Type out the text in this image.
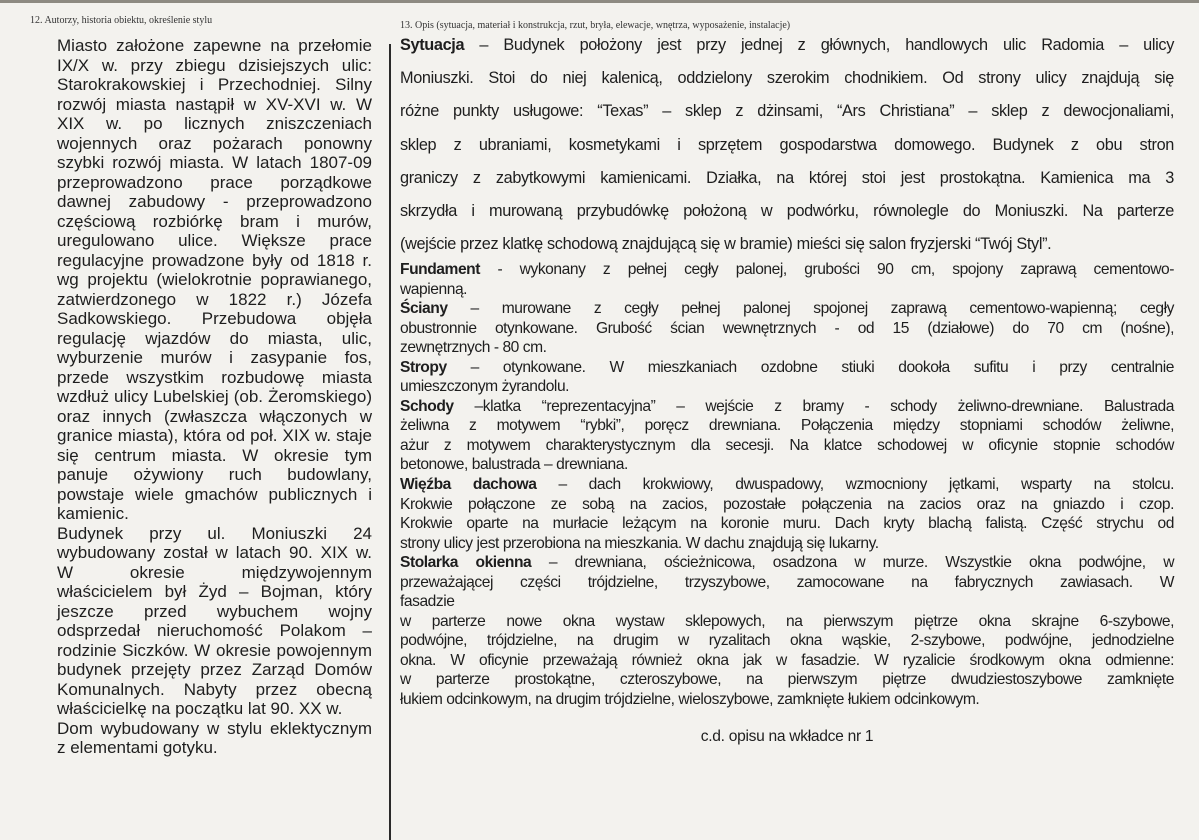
12. Autorzy, historia obiektu, określenie stylu
Miasto założone zapewne na przełomie
IX/X w. przy zbiegu dzisiejszych ulic:
Starokrakowskiej i Przechodniej. Silny
rozwój miasta nastąpił w XV-XVI w. W
XIX w. po licznych zniszczeniach
wojennych oraz pożarach ponowny
szybki rozwój miasta. W latach 1807-09
przeprowadzono prace porządkowe
dawnej zabudowy - przeprowadzono
częściową rozbiórkę bram i murów,
uregulowano ulice. Większe prace
regulacyjne prowadzone były od 1818 r.
wg projektu (wielokrotnie poprawianego,
zatwierdzonego w 1822 r.) Józefa
Sadkowskiego. Przebudowa objęła
regulację wjazdów do miasta, ulic,
wyburzenie murów i zasypanie fos,
przede wszystkim rozbudowę miasta
wzdłuż ulicy Lubelskiej (ob. Żeromskiego)
oraz innych (zwłaszcza włączonych w
granice miasta), która od poł. XIX w. staje
się centrum miasta. W okresie tym
panuje ożywiony ruch budowlany,
powstaje wiele gmachów publicznych i
kamienic.
Budynek przy ul. Moniuszki 24
wybudowany został w latach 90. XIX w.
W okresie międzywojennym
właścicielem był Żyd – Bojman, który
jeszcze przed wybuchem wojny
odsprzedał nieruchomość Polakom –
rodzinie Siczków. W okresie powojennym
budynek przejęty przez Zarząd Domów
Komunalnych. Nabyty przez obecną
właścicielkę na początku lat 90. XX w.
Dom wybudowany w stylu eklektycznym
z elementami gotyku.
13. Opis (sytuacja, materiał i konstrukcja, rzut, bryła, elewacje, wnętrza, wyposażenie, instalacje)
Sytuacja – Budynek położony jest przy jednej z głównych, handlowych ulic Radomia – ulicy
Moniuszki. Stoi do niej kalenicą, oddzielony szerokim chodnikiem. Od strony ulicy znajdują się
różne punkty usługowe: “Texas” – sklep z dżinsami, “Ars Christiana” – sklep z dewocjonaliami,
sklep z ubraniami, kosmetykami i sprzętem gospodarstwa domowego. Budynek z obu stron
graniczy z zabytkowymi kamienicami. Działka, na której stoi jest prostokątna. Kamienica ma 3
skrzydła i murowaną przybudówkę położoną w podwórku, równolegle do Moniuszki. Na parterze
(wejście przez klatkę schodową znajdującą się w bramie) mieści się salon fryzjerski “Twój Styl”.
Fundament - wykonany z pełnej cegły palonej, grubości 90 cm, spojony zaprawą cementowo-
wapienną.
Ściany – murowane z cegły pełnej palonej spojonej zaprawą cementowo-wapienną; cegły
obustronnie otynkowane. Grubość ścian wewnętrznych - od 15 (działowe) do 70 cm (nośne),
zewnętrznych - 80 cm.
Stropy – otynkowane. W mieszkaniach ozdobne stiuki dookoła sufitu i przy centralnie
umieszczonym żyrandolu.
Schody –klatka “reprezentacyjna” – wejście z bramy - schody żeliwno-drewniane. Balustrada
żeliwna z motywem “rybki”, poręcz drewniana. Połączenia między stopniami schodów żeliwne,
ażur z motywem charakterystycznym dla secesji. Na klatce schodowej w oficynie stopnie schodów
betonowe, balustrada – drewniana.
Więźba dachowa – dach krokwiowy, dwuspadowy, wzmocniony jętkami, wsparty na stolcu.
Krokwie połączone ze sobą na zacios, pozostałe połączenia na zacios oraz na gniazdo i czop.
Krokwie oparte na murłacie leżącym na koronie muru. Dach kryty blachą falistą. Część strychu od
strony ulicy jest przerobiona na mieszkania. W dachu znajdują się lukarny.
Stolarka okienna – drewniana, ościeżnicowa, osadzona w murze. Wszystkie okna podwójne, w
przeważającej części trójdzielne, trzyszybowe, zamocowane na fabrycznych zawiasach. W
fasadzie
w parterze nowe okna wystaw sklepowych, na pierwszym piętrze okna skrajne 6-szybowe,
podwójne, trójdzielne, na drugim w ryzalitach okna wąskie, 2-szybowe, podwójne, jednodzielne
okna. W oficynie przeważają również okna jak w fasadzie. W ryzalicie środkowym okna odmienne:
w parterze prostokątne, czteroszybowe, na pierwszym piętrze dwudziestoszybowe zamknięte
łukiem odcinkowym, na drugim trójdzielne, wieloszybowe, zamknięte łukiem odcinkowym.
c.d. opisu na wkładce nr 1
